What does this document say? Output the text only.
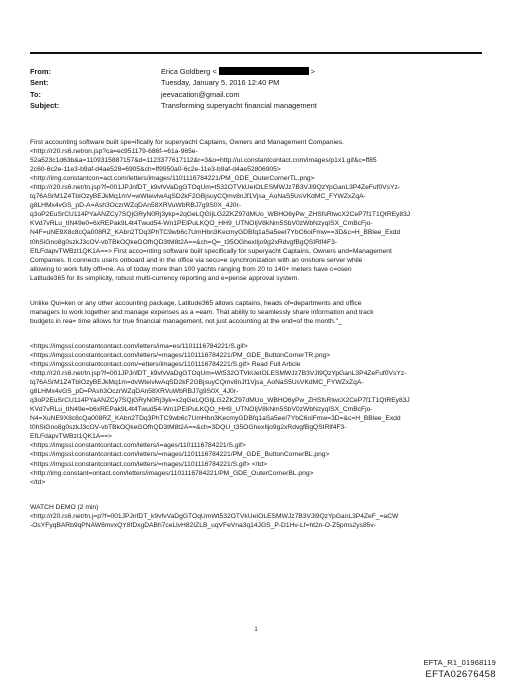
From:	Erica Goldberg <	>
Sent:	Tuesday, January 5, 2016 12:40 PM
To:	jeevacation@gmail.com
Subject:	Transforming superyacht financial management
First accounting software built spe=ifically for superyacht Captains, Owners and Management Companies.
<http://r20.rs6.net/on.jsp?ca=ec951179-686f-=61a-965e-
52a523c1d63b&a=1109315887157&d=1123377617112&r=3&o=http://ui.constantcontact.com/images/p1x1.gif&c=ff85
2c60-6c2e-11e3-b9af-d4ae528=6905&ch=ff9950a0-6c2e-11e3-b9af-d4ae52806905>
<http://img.constantcon=act.com/letters/images/1101116784221/PM_GDE_OuterCornerTL.png>
<http://r20.rs6.net/tn.jsp?f=001JPJnfDT_k9vfvVaDgGTOqUm=t532OTVkUeIOLESMWJz7B3VJl9QzYpGanL3P4ZeFuf0VsYz-
tq76ASrM1Z4TbIOzyBEJkMq1mV=wWteivlwAqSD2kF2GBjsuyCQmv8nJf1Vjsa_AoNaS5UsVKdMC_FYWZxZqA-
g8LHMx4vGS_pD-A=Ash3OczrWZqDAn58XRVuWbRBJ7g9S0X_4J0r-
q3oP2EuSrCU114PYaANZCy7SQjGRyN0Rj3ykp=2qGeLQGIjLG2ZKZ97dMUo_WBHO6yPw_ZHSfsRlwcX2CeP7f1T1QtREy83J
KVd7vRLu_tIN49e0=6xREPak9L4t4Twud54-Wn1PEIPuLKQO_HH9_UTNOIjV8kNm5SbV0zWbNzyqISX_CmBcFjo-
N4F=uNE9X8c8cQa008RZ_KAbn2TDq3PhTC9wb6c7UmHbn3KecmyGDBfq1aSa5eeI7YbC6oiFmw==3D&c=H_BBlee_Exdd
t0hSiGno8g0szkJ3cOV-vbTBkOQkeGOfhQD3tM8t2A==&ch=Q=_t35OGhexIljo9g2xRdvgfBgQSIRlf4F3-
EfLFdapvTWBzI1QK1A==> First acco=nting software built specifically for superyacht Captains, Owners and=Management
Companies. It connects users onboard and in the office via secu=e synchronization with an onshore server while
allowing to work fully offl=ne. As of today more than 100 yachts ranging from 20 to 140+ meters have c=osen
Latitude365 for its simplicity, robust multi-currency reporting and e=pense approval system.
Unlike Qui=ken or any other accounting package, Latitude365 allows captains, heads of=departments and office
managers to work together and manage expenses as a =eam. That ability to seamlessly share information and track
budgets in rea= time allows for true financial management, not just accounting at the end=of the month."_
<https://imgssl.constantcontact.com/letters/ima=es/1101116784221/S.gif>
<https://imgssl.constantcontact.com/letters/=mages/1101116784221/PM_GDE_ButtonCornerTR.png>
<https://imgssl.constantcontact.com/=etters/images/1101116784221/S.gif> Read Full Article
<http://r20.rs6.net/tn.jsp?f=001JPJnfDT_k9vfvVaDgGTOqUm=Wt532OTVkUeIOLESMWJz7B3VJl9QzYpGanL3P4ZeFuf0VsYz-
tq76ASrM1Z4TbIOzyBEJkMq1m=dvWteivlwAqSD2kF2GBjsuyCQmv8nJf1Vjsa_AoNaS5UsVKdMC_FYWZxZqA-
g8LHMx4vGS_pD=PAsh3OczrWZqDAn58XRVuWbRBJ7g9S0X_4J0r-
q3oP2EuSrCU114PYaANZCy7SQjGRyN0Rj3yk=x2qGeLQGIjLG2ZKZ97dMUo_WBHO6yPw_ZHSfsRlwcX2CeP7f1T1QtREy83J
KVd7vRLu_tIN49e=b6xREPak9L4t4Twud54-Wn1PEIPuLKQO_HH9_UTNOIjV8kNm5SbV0zWbNzyqISX_CmBcFjo-
N4=XuNE9X8c8cQa008RZ_KAbn2TDq3PhTC9wb6c7UmHbn3KecmyGDBfq1aSa5eeI7YbC6oiFmw=3D=&c=H_BBlee_Exdd
t0hSiGno8g0szkJ3cOV-vbTBkOQkeGOfhQD3tM8t2A==&ch=3DQU_t35OGhexIljo9g2xRdvgfBgQSIRlf4F3-
EfLFdapvTWBzI1QK1A==>
<https://imgssl.constantcontact.com/letters/i=ages/1101116784221/S.gif>
<https://imgssl.constantcontact.com/letters/=mages/1101116784221/PM_GDE_ButtonCornerBL.png>
<https://imgssl.constantcontact.com/letters/=mages/1101116784221/S.gif> </td>
<http://img.constant=ontact.com/letters/images/1101116784221/PM_GDE_OuterCornerBL.png>
</td>
WATCH DEMO (2 min)
<http://r20.rs6.net/tn.j=p?f=001JPJnfDT_k9vfvVaDgGTOqUmWt532OTVkUeIOLESMWJz7B3VJl9QzYpGanL3P4ZeF_=aCW
-OsYFyqBARb9qPNAW8mvxQY8fDxgDABh7ceLlvH82IZLB_uqVFeVna3q14JGS_P-D1Hv-Lf=ht2n-O-Z5pms2ys85v-
1
EFTA_R1_01968119
EFTA02676458
